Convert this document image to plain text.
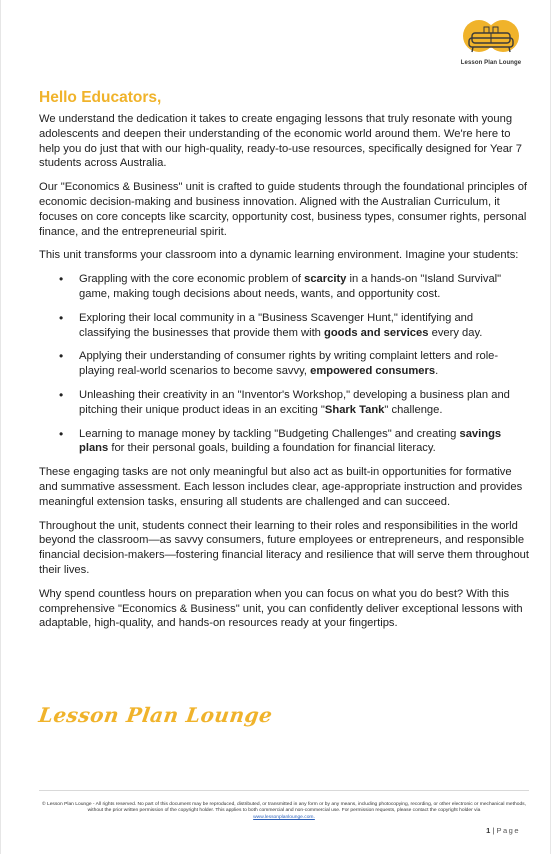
Lesson Plan Lounge
Hello Educators,

We understand the dedication it takes to create engaging lessons that truly resonate with young adolescents and deepen their understanding of the economic world around them. We're here to help you do just that with our high-quality, ready-to-use resources, specifically designed for Year 7 students across Australia.

Our "Economics & Business" unit is crafted to guide students through the foundational principles of economic decision-making and business innovation. Aligned with the Australian Curriculum, it focuses on core concepts like scarcity, opportunity cost, business types, consumer rights, personal finance, and the entrepreneurial spirit.

This unit transforms your classroom into a dynamic learning environment. Imagine your students:

• Grappling with the core economic problem of scarcity in a hands-on "Island Survival" game, making tough decisions about needs, wants, and opportunity cost.
• Exploring their local community in a "Business Scavenger Hunt," identifying and classifying the businesses that provide them with goods and services every day.
• Applying their understanding of consumer rights by writing complaint letters and role-playing real-world scenarios to become savvy, empowered consumers.
• Unleashing their creativity in an "Inventor's Workshop," developing a business plan and pitching their unique product ideas in an exciting "Shark Tank" challenge.
• Learning to manage money by tackling "Budgeting Challenges" and creating savings plans for their personal goals, building a foundation for financial literacy.

These engaging tasks are not only meaningful but also act as built-in opportunities for formative and summative assessment. Each lesson includes clear, age-appropriate instruction and provides meaningful extension tasks, ensuring all students are challenged and can succeed.

Throughout the unit, students connect their learning to their roles and responsibilities in the world beyond the classroom—as savvy consumers, future employees or entrepreneurs, and responsible financial decision-makers—fostering financial literacy and resilience that will serve them throughout their lives.

Why spend countless hours on preparation when you can focus on what you do best? With this comprehensive "Economics & Business" unit, you can confidently deliver exceptional lessons with adaptable, high-quality, and hands-on resources ready at your fingertips.

Lesson Plan Lounge
© Lesson Plan Lounge - All rights reserved. No part of this document may be reproduced, distributed, or transmitted in any form or by any means, including photocopying, recording, or other electronic or mechanical methods, without the prior written permission of the copyright holder. This applies to both commercial and non-commercial use. For permission requests, please contact the copyright holder via
www.lessonplanlounge.com.
1 | Page
